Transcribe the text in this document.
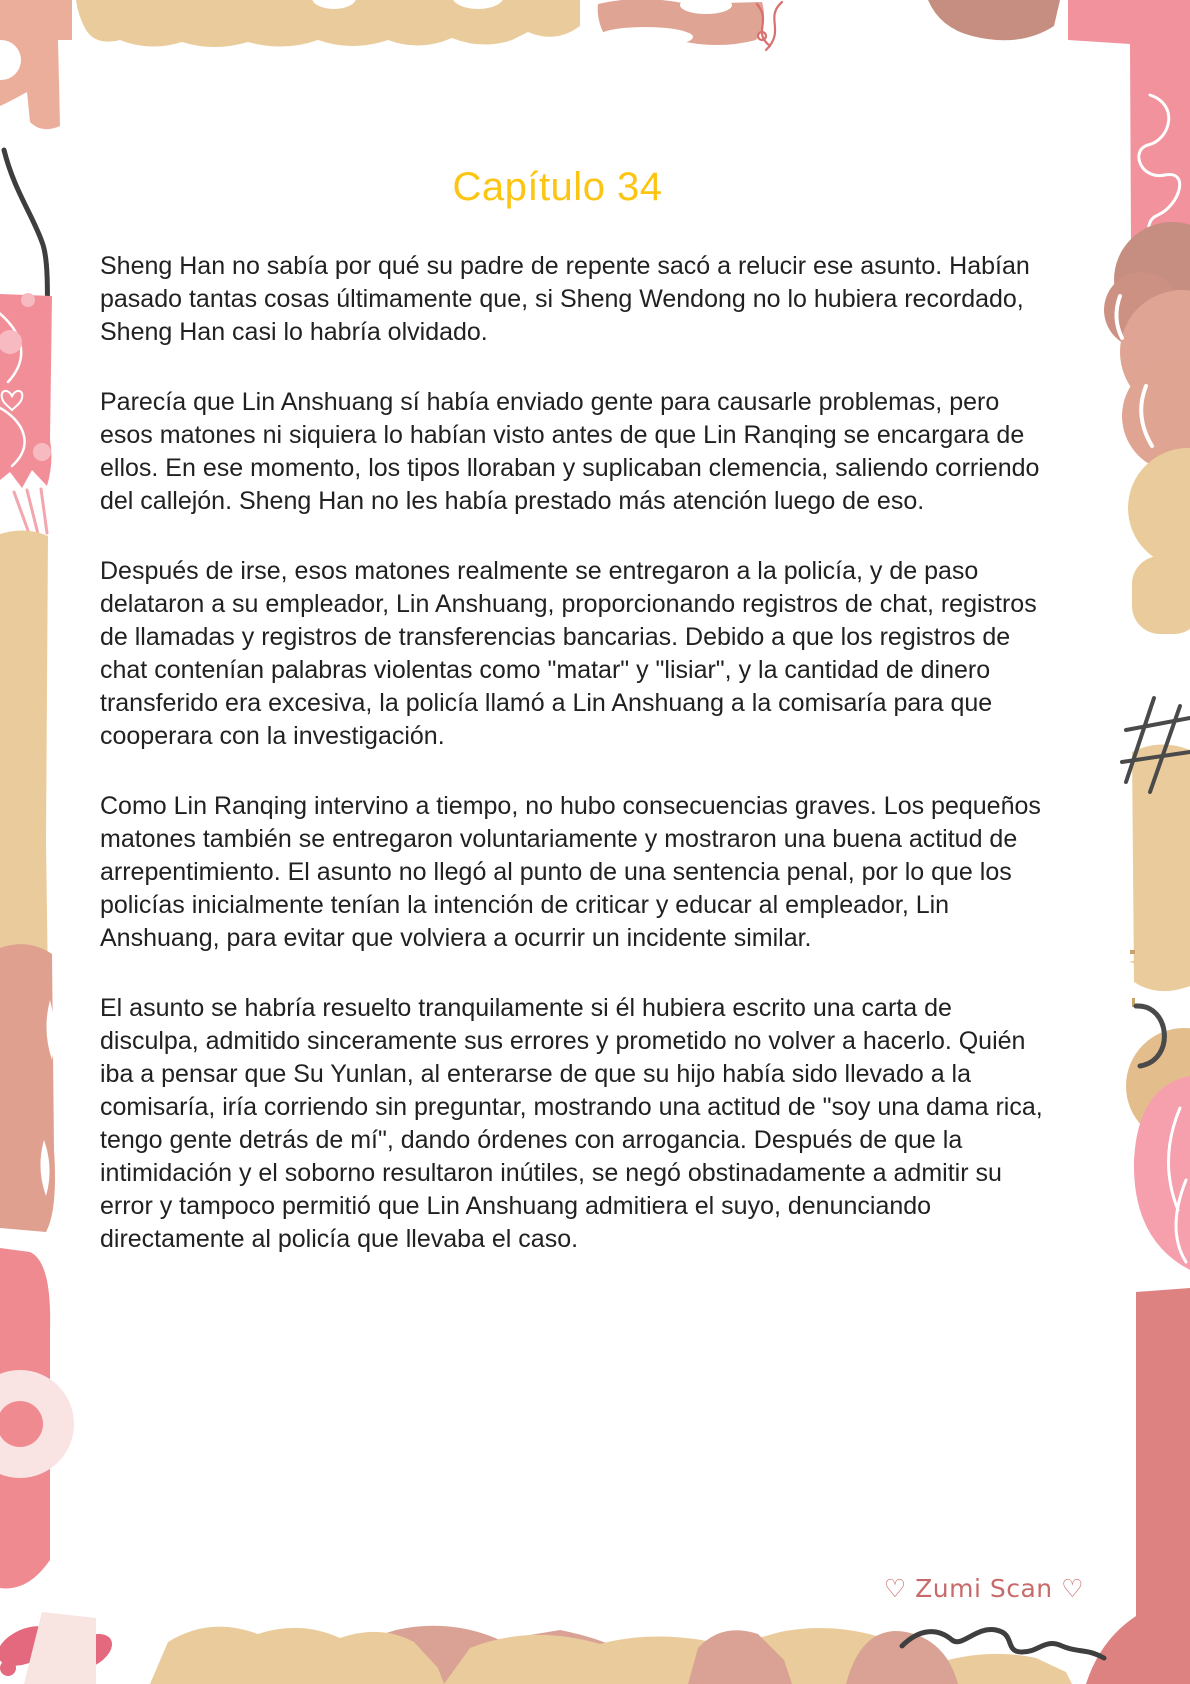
Capítulo 34

Sheng Han no sabía por qué su padre de repente sacó a relucir ese asunto. Habían pasado tantas cosas últimamente que, si Sheng Wendong no lo hubiera recordado, Sheng Han casi lo habría olvidado.

Parecía que Lin Anshuang sí había enviado gente para causarle problemas, pero esos matones ni siquiera lo habían visto antes de que Lin Ranqing se encargara de ellos. En ese momento, los tipos lloraban y suplicaban clemencia, saliendo corriendo del callejón. Sheng Han no les había prestado más atención luego de eso.

Después de irse, esos matones realmente se entregaron a la policía, y de paso delataron a su empleador, Lin Anshuang, proporcionando registros de chat, registros de llamadas y registros de transferencias bancarias. Debido a que los registros de chat contenían palabras violentas como "matar" y "lisiar", y la cantidad de dinero transferido era excesiva, la policía llamó a Lin Anshuang a la comisaría para que cooperara con la investigación.

Como Lin Ranqing intervino a tiempo, no hubo consecuencias graves. Los pequeños matones también se entregaron voluntariamente y mostraron una buena actitud de arrepentimiento. El asunto no llegó al punto de una sentencia penal, por lo que los policías inicialmente tenían la intención de criticar y educar al empleador, Lin Anshuang, para evitar que volviera a ocurrir un incidente similar.

El asunto se habría resuelto tranquilamente si él hubiera escrito una carta de disculpa, admitido sinceramente sus errores y prometido no volver a hacerlo. Quién iba a pensar que Su Yunlan, al enterarse de que su hijo había sido llevado a la comisaría, iría corriendo sin preguntar, mostrando una actitud de "soy una dama rica, tengo gente detrás de mí", dando órdenes con arrogancia. Después de que la intimidación y el soborno resultaron inútiles, se negó obstinadamente a admitir su error y tampoco permitió que Lin Anshuang admitiera el suyo, denunciando directamente al policía que llevaba el caso.

♡ Zumi Scan ♡
